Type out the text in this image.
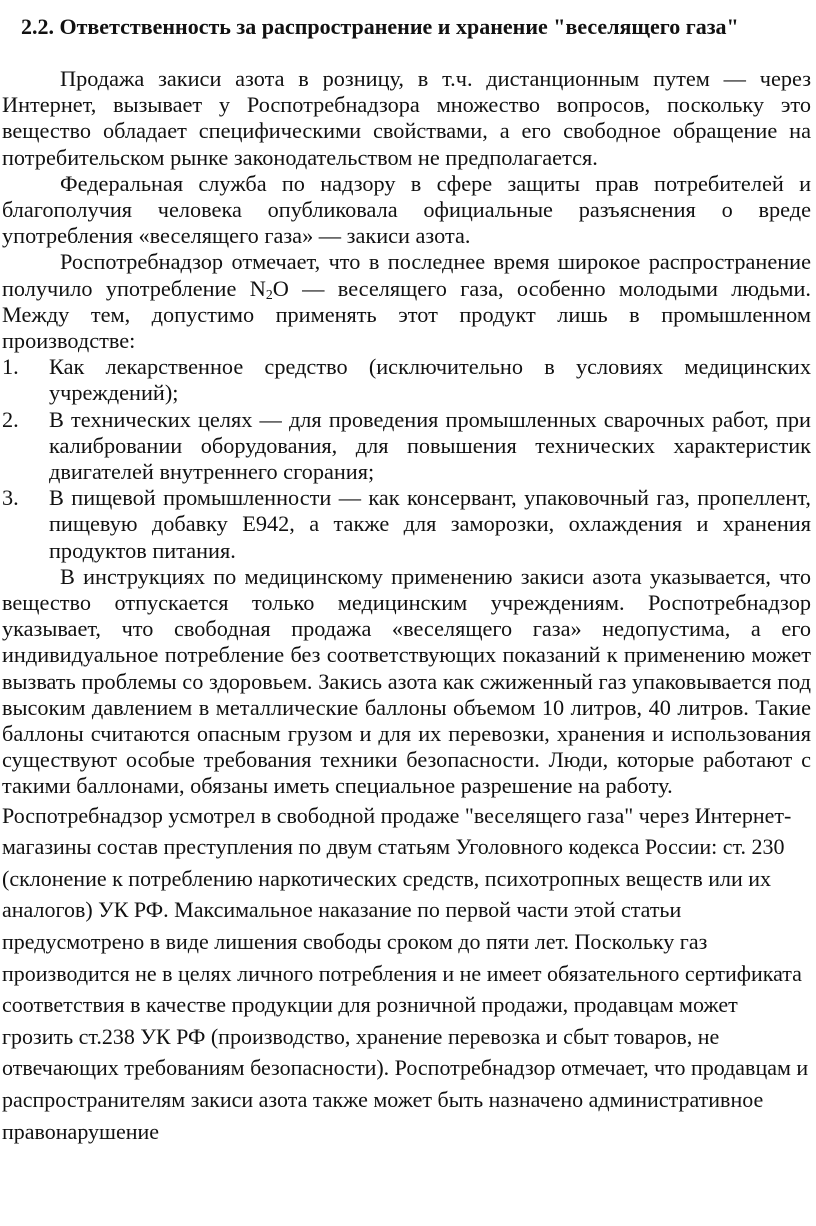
2.2. Ответственность за распространение и хранение "веселящего газа"

Продажа закиси азота в розницу, в т.ч. дистанционным путем — через Интернет, вызывает у Роспотребнадзора множество вопросов, поскольку это вещество обладает специфическими свойствами, а его свободное обращение на потребительском рынке законодательством не предполагается.

Федеральная служба по надзору в сфере защиты прав потребителей и благополучия человека опубликовала официальные разъяснения о вреде употребления «веселящего газа» — закиси азота.

Роспотребнадзор отмечает, что в последнее время широкое распространение получило употребление $N_2O$ — веселящего газа, особенно молодыми людьми. Между тем, допустимо применять этот продукт лишь в промышленном производстве:

1. Как лекарственное средство (исключительно в условиях медицинских учреждений);
2. В технических целях — для проведения промышленных сварочных работ, при калибровании оборудования, для повышения технических характеристик двигателей внутреннего сгорания;
3. В пищевой промышленности — как консервант, упаковочный газ, пропеллент, пищевую добавку Е942, а также для заморозки, охлаждения и хранения продуктов питания.

В инструкциях по медицинскому применению закиси азота указывается, что вещество отпускается только медицинским учреждениям. Роспотребнадзор указывает, что свободная продажа «веселящего газа» недопустима, а его индивидуальное потребление без соответствующих показаний к применению может вызвать проблемы со здоровьем. Закись азота как сжиженный газ упаковывается под высоким давлением в металлические баллоны объемом 10 литров, 40 литров. Такие баллоны считаются опасным грузом и для их перевозки, хранения и использования существуют особые требования техники безопасности. Люди, которые работают с такими баллонами, обязаны иметь специальное разрешение на работу.

Роспотребнадзор усмотрел в свободной продаже "веселящего газа" через Интернет-магазины состав преступления по двум статьям Уголовного кодекса России: ст. 230 (склонение к потреблению наркотических средств, психотропных веществ или их аналогов) УК РФ. Максимальное наказание по первой части этой статьи предусмотрено в виде лишения свободы сроком до пяти лет. Поскольку газ производится не в целях личного потребления и не имеет обязательного сертификата соответствия в качестве продукции для розничной продажи, продавцам может грозить ст.238 УК РФ (производство, хранение перевозка и сбыт товаров, не отвечающих требованиям безопасности). Роспотребнадзор отмечает, что продавцам и распространителям закиси азота также может быть назначено административное правонарушение
